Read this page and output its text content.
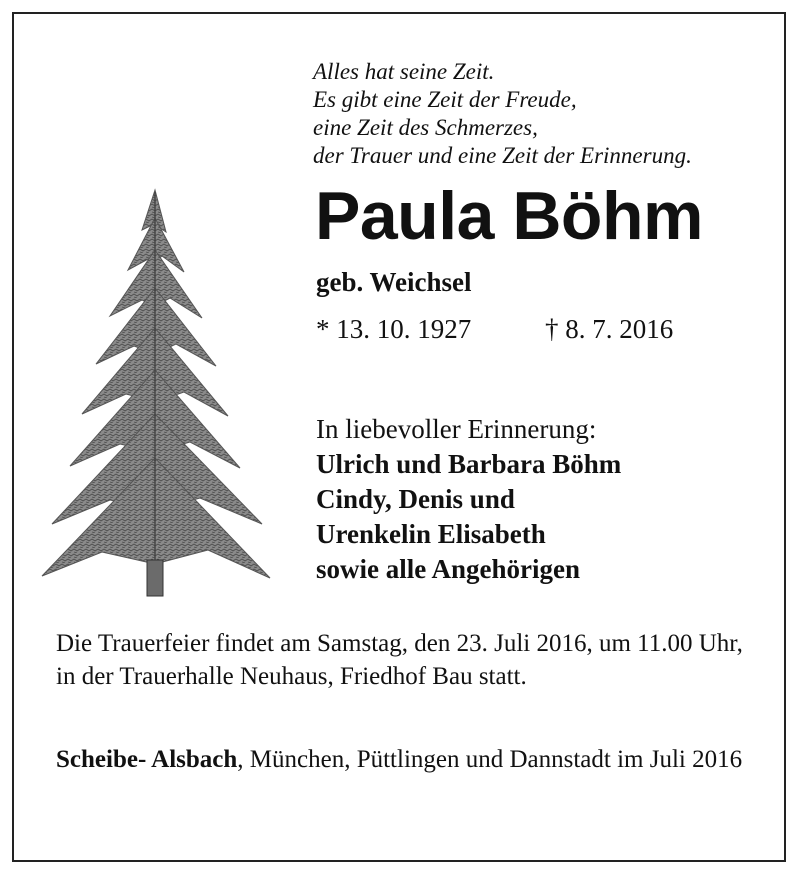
Alles hat seine Zeit.
Es gibt eine Zeit der Freude,
eine Zeit des Schmerzes,
der Trauer und eine Zeit der Erinnerung.
Paula Böhm
geb. Weichsel
* 13. 10. 1927	† 8. 7. 2016
In liebevoller Erinnerung:
Ulrich und Barbara Böhm
Cindy, Denis und
Urenkelin Elisabeth
sowie alle Angehörigen
Die Trauerfeier findet am Samstag, den 23. Juli 2016, um 11.00 Uhr, in der Trauerhalle Neuhaus, Friedhof Bau statt.
Scheibe- Alsbach, München, Püttlingen und Dannstadt im Juli 2016
